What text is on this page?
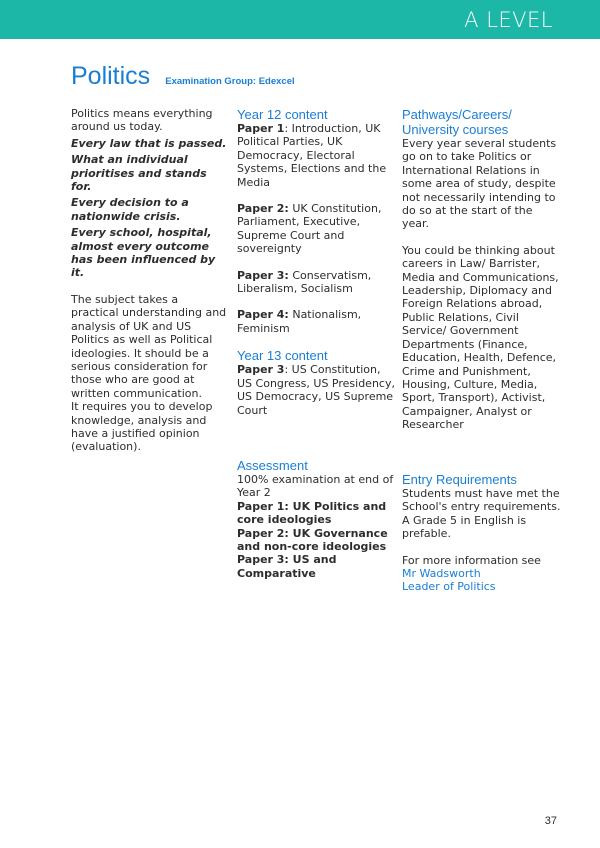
A LEVEL
Politics Examination Group: Edexcel

Politics means everything around us today.

Every law that is passed.

What an individual prioritises and stands for.

Every decision to a nationwide crisis.

Every school, hospital, almost every outcome has been influenced by it.

The subject takes a practical understanding and analysis of UK and US Politics as well as Political ideologies. It should be a serious consideration for those who are good at written communication.

It requires you to develop knowledge, analysis and have a justified opinion (evaluation).

Year 12 content

Paper 1: Introduction, UK Political Parties, UK Democracy, Electoral Systems, Elections and the Media

Paper 2: UK Constitution, Parliament, Executive, Supreme Court and sovereignty

Paper 3: Conservatism, Liberalism, Socialism

Paper 4: Nationalism, Feminism

Year 13 content

Paper 3: US Constitution, US Congress, US Presidency, US Democracy, US Supreme Court

Assessment

100% examination at end of Year 2

Paper 1: UK Politics and core ideologies

Paper 2: UK Governance and non-core ideologies

Paper 3: US and Comparative

Pathways/Careers/ University courses

Every year several students go on to take Politics or International Relations in some area of study, despite not necessarily intending to do so at the start of the year.

You could be thinking about careers in Law/ Barrister, Media and Communications, Leadership, Diplomacy and Foreign Relations abroad, Public Relations, Civil Service/ Government Departments (Finance, Education, Health, Defence, Crime and Punishment, Housing, Culture, Media, Sport, Transport), Activist, Campaigner, Analyst or Researcher

Entry Requirements

Students must have met the School's entry requirements. A Grade 5 in English is prefable.

For more information see

Mr Wadsworth

Leader of Politics

37
